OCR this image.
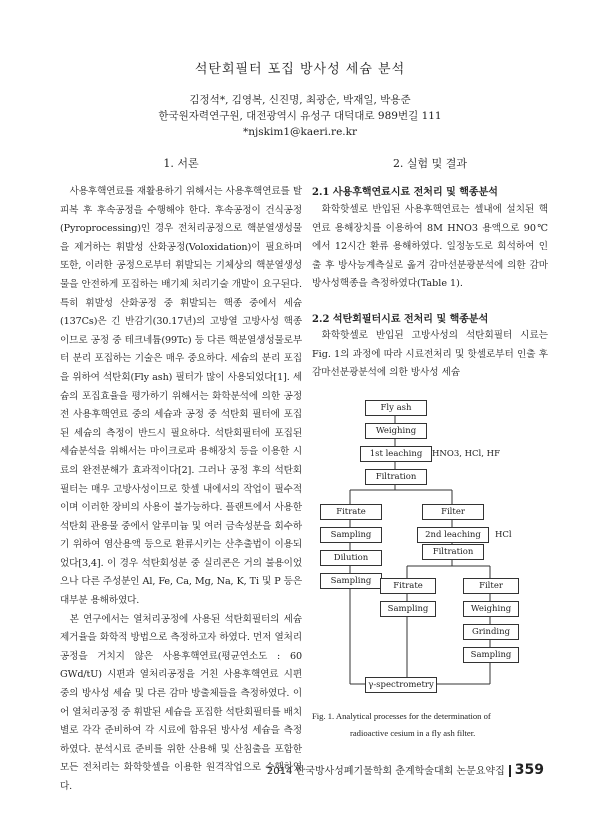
석탄회필터 포집 방사성 세슘 분석
김정석*, 김영복, 신진명, 최광순, 박재일, 박용준
한국원자력연구원, 대전광역시 유성구 대덕대로 989번길 111
*njskim1@kaeri.re.kr
1. 서론	2. 실험 및 결과

사용후핵연료를 재활용하기 위해서는 사용후핵연료를 탈피복 후 후속공정을 수행해야 한다. 후속공정이 건식공정(Pyroprocessing)인 경우 전처리공정으로 핵분열생성물을 제거하는 휘발성 산화공정(Voloxidation)이 필요하며 또한, 이러한 공정으로부터 휘발되는 기체상의 핵분열생성물을 안전하게 포집하는 배기체 처리기술 개발이 요구된다. 특히 휘발성 산화공정 중 휘발되는 핵종 중에서 세슘(137Cs)은 긴 반감기(30.17년)의 고방열 고방사성 핵종이므로 공정 중 테크네튬(99Tc) 등 다른 핵분열생성물로부터 분리 포집하는 기술은 매우 중요하다. 세슘의 분리 포집을 위하여 석탄회(Fly ash) 필터가 많이 사용되었다[1]. 세슘의 포집효율을 평가하기 위해서는 화학분석에 의한 공정 전 사용후핵연료 중의 세슘과 공정 중 석탄회 필터에 포집된 세슘의 측정이 반드시 필요하다. 석탄회필터에 포집된 세슘분석을 위해서는 마이크로파 용해장치 등을 이용한 시료의 완전분해가 효과적이다[2]. 그러나 공정 후의 석탄회필터는 매우 고방사성이므로 핫셀 내에서의 작업이 필수적이며 이러한 장비의 사용이 불가능하다. 플랜트에서 사용한 석탄회 관용물 중에서 알루미늄 및 여러 금속성분을 회수하기 위하여 염산용액 등으로 환류시키는 산추출법이 이용되었다[3,4]. 이 경우 석탄회성분 중 실리콘은 거의 불용이었으나 다른 주성분인 Al, Fe, Ca, Mg, Na, K, Ti 및 P 등은 대부분 용해하였다.

본 연구에서는 열처리공정에 사용된 석탄회필터의 세슘 제거율을 화학적 방법으로 측정하고자 하였다. 먼저 열처리공정을 거치지 않은 사용후핵연료(평균연소도 : 60 GWd/tU) 시편과 열처리공정을 거친 사용후핵연료 시편 중의 방사성 세슘 및 다른 감마 방출체들을 측정하였다. 이어 열처리공정 중 휘발된 세슘을 포집한 석탄회필터를 배치별로 각각 준비하여 각 시료에 함유된 방사성 세슘을 측정하였다. 분석시료 준비를 위한 산용해 및 산침출을 포함한 모든 전처리는 화학핫셀을 이용한 원격작업으로 수행하였다.

2.1 사용후핵연료시료 전처리 및 핵종분석

화학핫셀로 반입된 사용후핵연료는 셀내에 설치된 핵연료 용해장치를 이용하여 8M HNO3 용액으로 90℃에서 12시간 환류 용해하였다. 일정농도로 희석하여 인출 후 방사능계측실로 옮겨 감마선분광분석에 의한 감마 방사성핵종을 측정하였다(Table 1).

2.2 석탄회필터시료 전처리 및 핵종분석

화학핫셀로 반입된 고방사성의 석탄회필터 시료는 Fig. 1의 과정에 따라 시료전처리 및 핫셀로부터 인출 후 감마선분광분석에 의한 방사성 세슘

Fly ash
Weighing
1st leaching	HNO3, HCl, HF
Filtration
Fitrate	Filter
Sampling	2nd leaching	HCl
Dilution
Filtration
Sampling	Fitrate	Filter
Sampling	Weighing
Grinding
Sampling
γ-spectrometry
Fig. 1. Analytical processes for the determination of
radioactive cesium in a fly ash filter.
2014 한국방사성폐기물학회 춘계학술대회 논문요약집 359
